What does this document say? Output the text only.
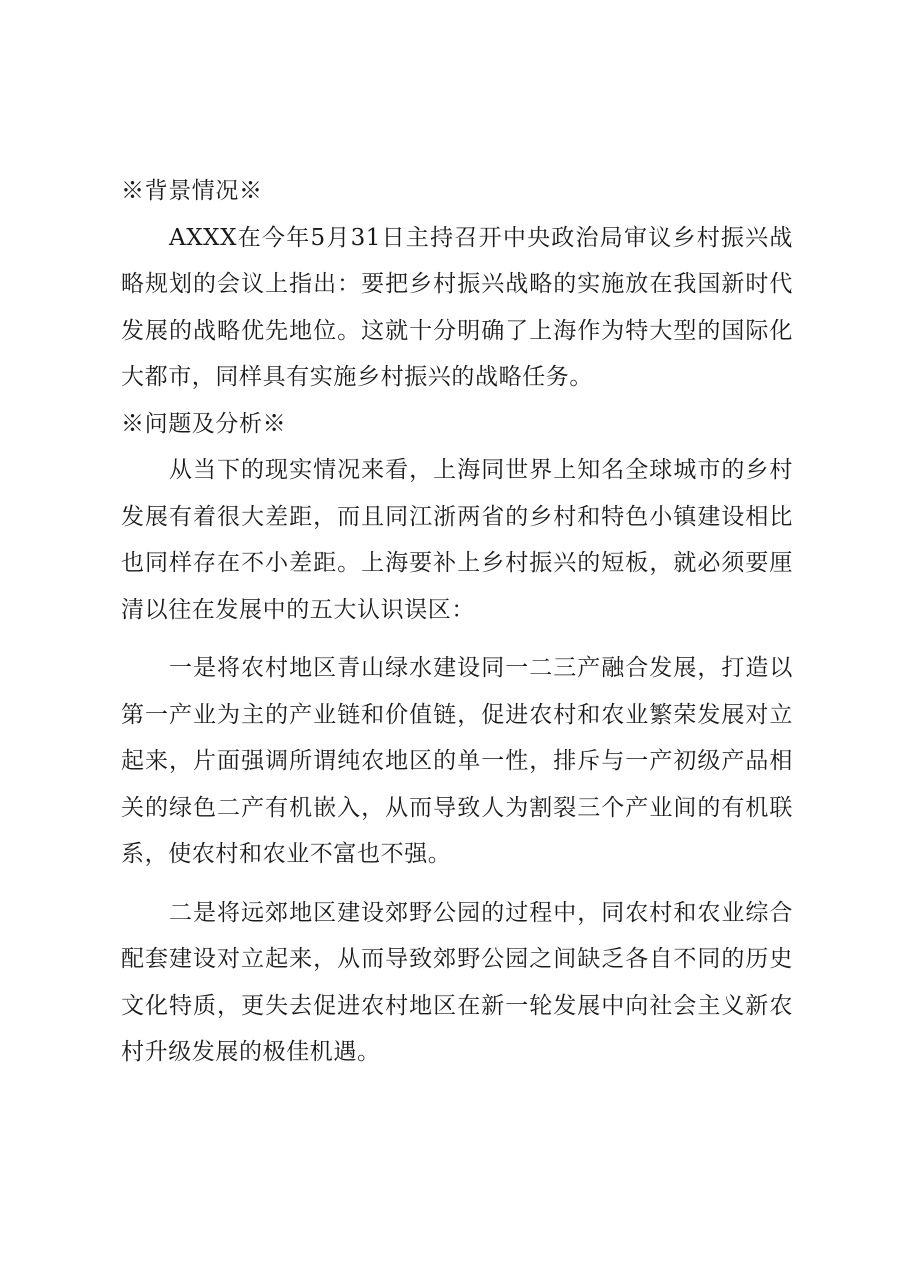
※背景情况※

AXXX在今年5月31日主持召开中央政治局审议乡村振兴战略规划的会议上指出：要把乡村振兴战略的实施放在我国新时代发展的战略优先地位。这就十分明确了上海作为特大型的国际化大都市，同样具有实施乡村振兴的战略任务。

※问题及分析※

从当下的现实情况来看，上海同世界上知名全球城市的乡村发展有着很大差距，而且同江浙两省的乡村和特色小镇建设相比也同样存在不小差距。上海要补上乡村振兴的短板，就必须要厘清以往在发展中的五大认识误区：

一是将农村地区青山绿水建设同一二三产融合发展，打造以第一产业为主的产业链和价值链，促进农村和农业繁荣发展对立起来，片面强调所谓纯农地区的单一性，排斥与一产初级产品相关的绿色二产有机嵌入，从而导致人为割裂三个产业间的有机联系，使农村和农业不富也不强。

二是将远郊地区建设郊野公园的过程中，同农村和农业综合配套建设对立起来，从而导致郊野公园之间缺乏各自不同的历史文化特质，更失去促进农村地区在新一轮发展中向社会主义新农村升级发展的极佳机遇。
